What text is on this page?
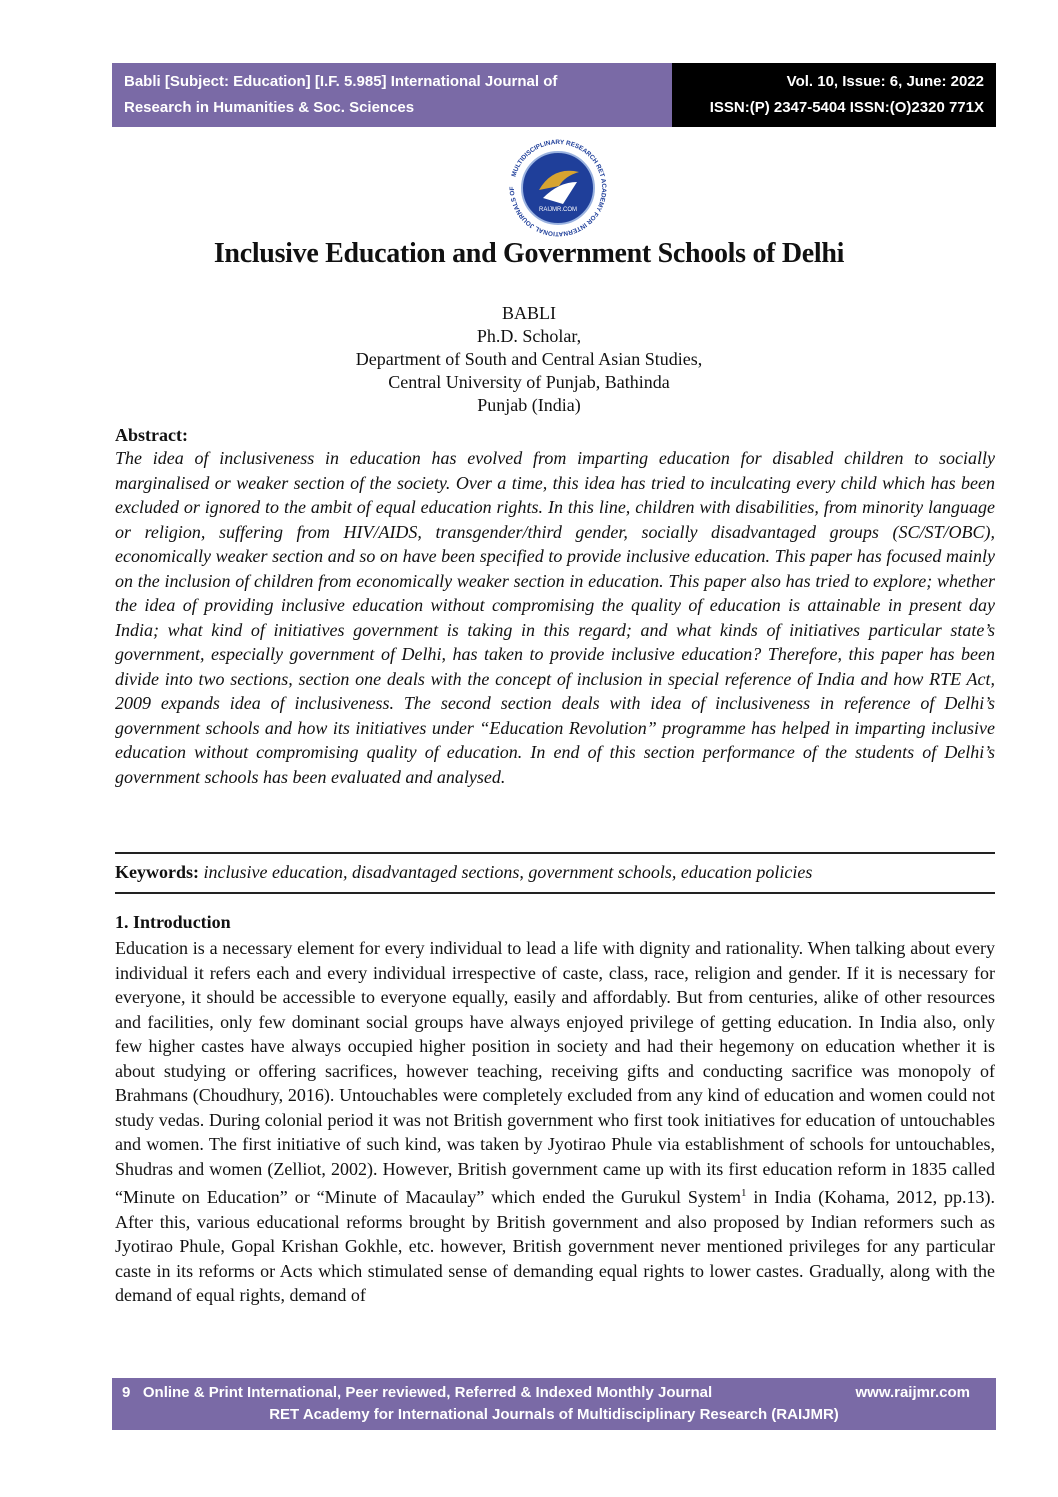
Babli [Subject: Education] [I.F. 5.985] International Journal of
Research in Humanities & Soc. Sciences
Vol. 10, Issue: 6, June: 2022
ISSN:(P) 2347-5404 ISSN:(O)2320 771X
RAIJMR.COM
MULTIDISCIPLINARY RESEARCH RET ACADEMY FOR INTERNATIONAL JOURNALS OF
Inclusive Education and Government Schools of Delhi
BABLI
Ph.D. Scholar,
Department of South and Central Asian Studies,
Central University of Punjab, Bathinda
Punjab (India)
Abstract:
The idea of inclusiveness in education has evolved from imparting education for disabled children to socially marginalised or weaker section of the society. Over a time, this idea has tried to inculcating every child which has been excluded or ignored to the ambit of equal education rights. In this line, children with disabilities, from minority language or religion, suffering from HIV/AIDS, transgender/third gender, socially disadvantaged groups (SC/ST/OBC), economically weaker section and so on have been specified to provide inclusive education. This paper has focused mainly on the inclusion of children from economically weaker section in education. This paper also has tried to explore; whether the idea of providing inclusive education without compromising the quality of education is attainable in present day India; what kind of initiatives government is taking in this regard; and what kinds of initiatives particular state’s government, especially government of Delhi, has taken to provide inclusive education? Therefore, this paper has been divide into two sections, section one deals with the concept of inclusion in special reference of India and how RTE Act, 2009 expands idea of inclusiveness. The second section deals with idea of inclusiveness in reference of Delhi’s government schools and how its initiatives under “Education Revolution” programme has helped in imparting inclusive education without compromising quality of education. In end of this section performance of the students of Delhi’s government schools has been evaluated and analysed.
Keywords: inclusive education, disadvantaged sections, government schools, education policies
1. Introduction
Education is a necessary element for every individual to lead a life with dignity and rationality. When talking about every individual it refers each and every individual irrespective of caste, class, race, religion and gender. If it is necessary for everyone, it should be accessible to everyone equally, easily and affordably. But from centuries, alike of other resources and facilities, only few dominant social groups have always enjoyed privilege of getting education. In India also, only few higher castes have always occupied higher position in society and had their hegemony on education whether it is about studying or offering sacrifices, however teaching, receiving gifts and conducting sacrifice was monopoly of Brahmans (Choudhury, 2016). Untouchables were completely excluded from any kind of education and women could not study vedas. During colonial period it was not British government who first took initiatives for education of untouchables and women. The first initiative of such kind, was taken by Jyotirao Phule via establishment of schools for untouchables, Shudras and women (Zelliot, 2002). However, British government came up with its first education reform in 1835 called “Minute on Education” or “Minute of Macaulay” which ended the Gurukul System$^1$ in India (Kohama, 2012, pp.13). After this, various educational reforms brought by British government and also proposed by Indian reformers such as Jyotirao Phule, Gopal Krishan Gokhle, etc. however, British government never mentioned privileges for any particular caste in its reforms or Acts which stimulated sense of demanding equal rights to lower castes. Gradually, along with the demand of equal rights, demand of
9 Online & Print International, Peer reviewed, Referred & Indexed Monthly Journal	www.raijmr.com
RET Academy for International Journals of Multidisciplinary Research (RAIJMR)
